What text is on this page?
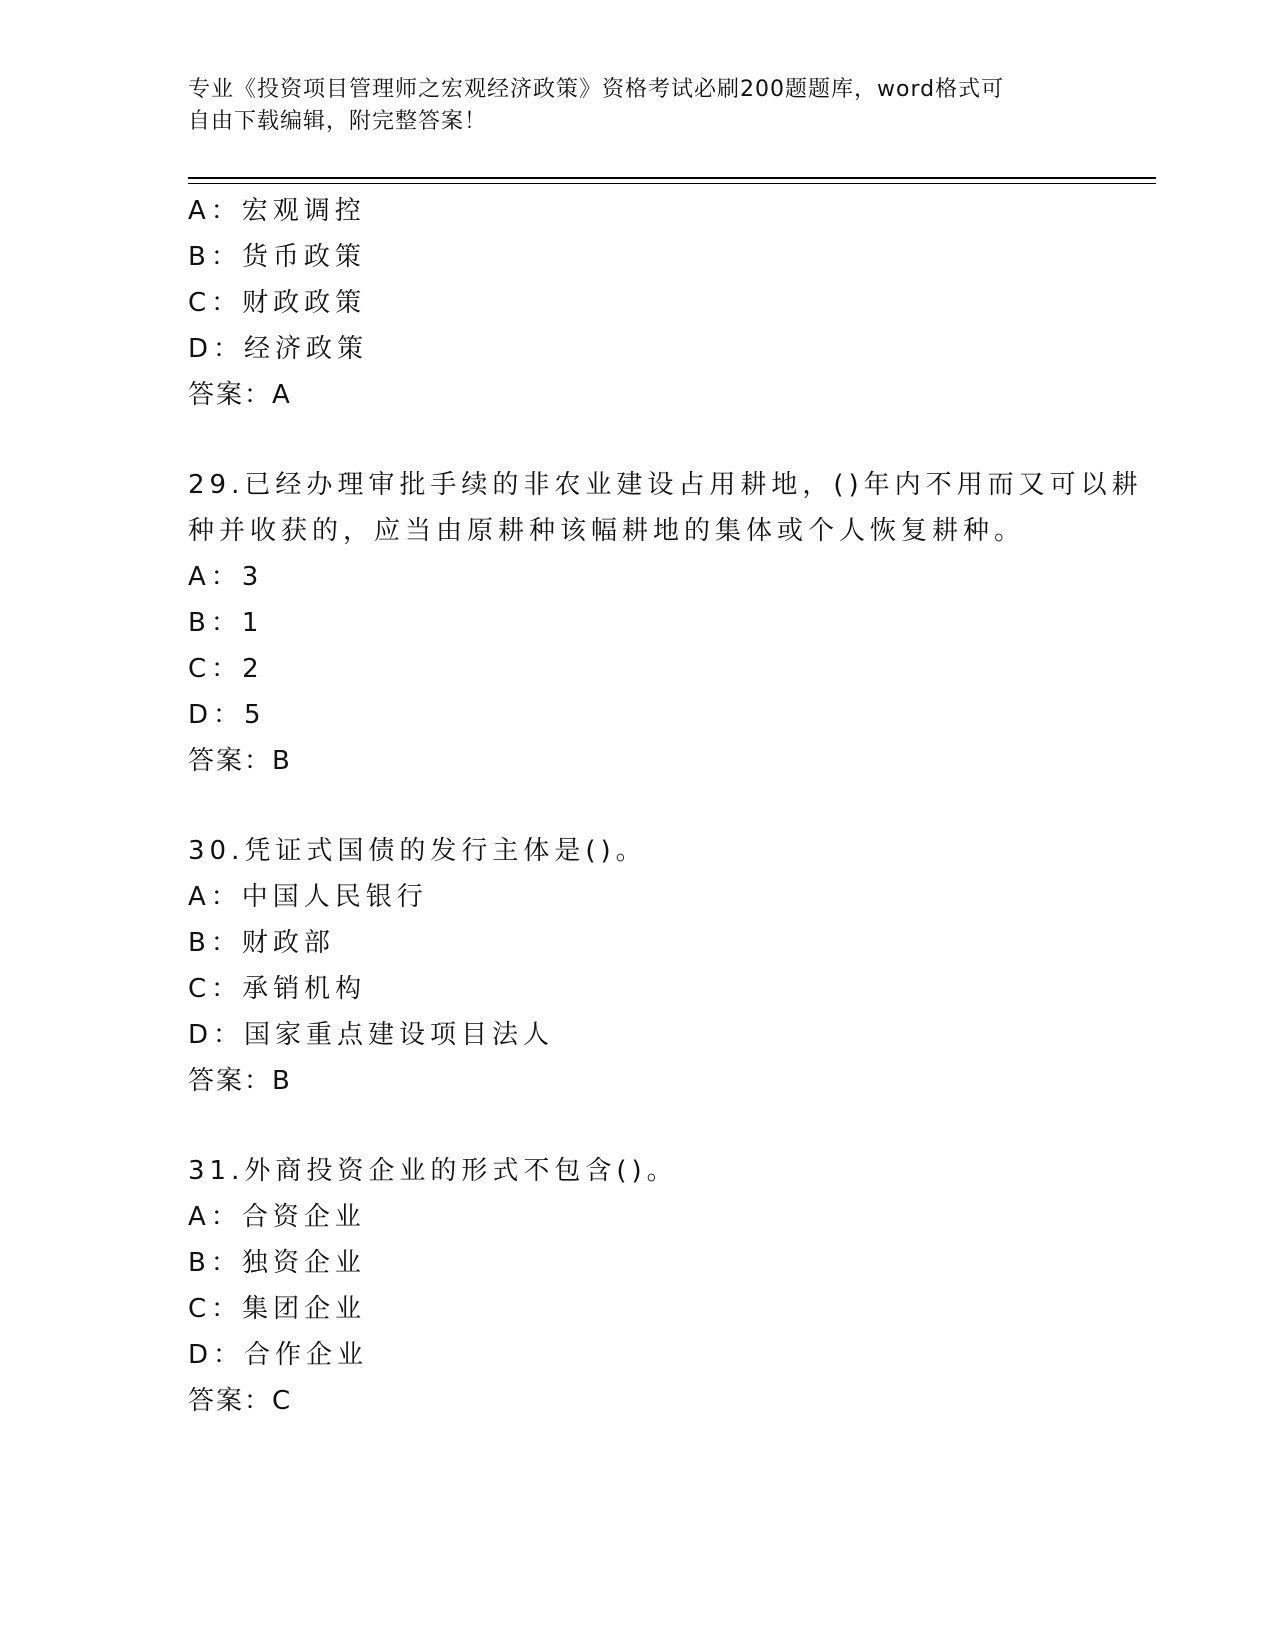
专业《投资项目管理师之宏观经济政策》资格考试必刷200题题库，word格式可
自由下载编辑，附完整答案！
A：宏观调控
B：货币政策
C：财政政策
D：经济政策
答案：A
29.已经办理审批手续的非农业建设占用耕地，()年内不用而又可以耕
种并收获的，应当由原耕种该幅耕地的集体或个人恢复耕种。
A：3
B：1
C：2
D：5
答案：B
30.凭证式国债的发行主体是()。
A：中国人民银行
B：财政部
C：承销机构
D：国家重点建设项目法人
答案：B
31.外商投资企业的形式不包含()。
A：合资企业
B：独资企业
C：集团企业
D：合作企业
答案：C
